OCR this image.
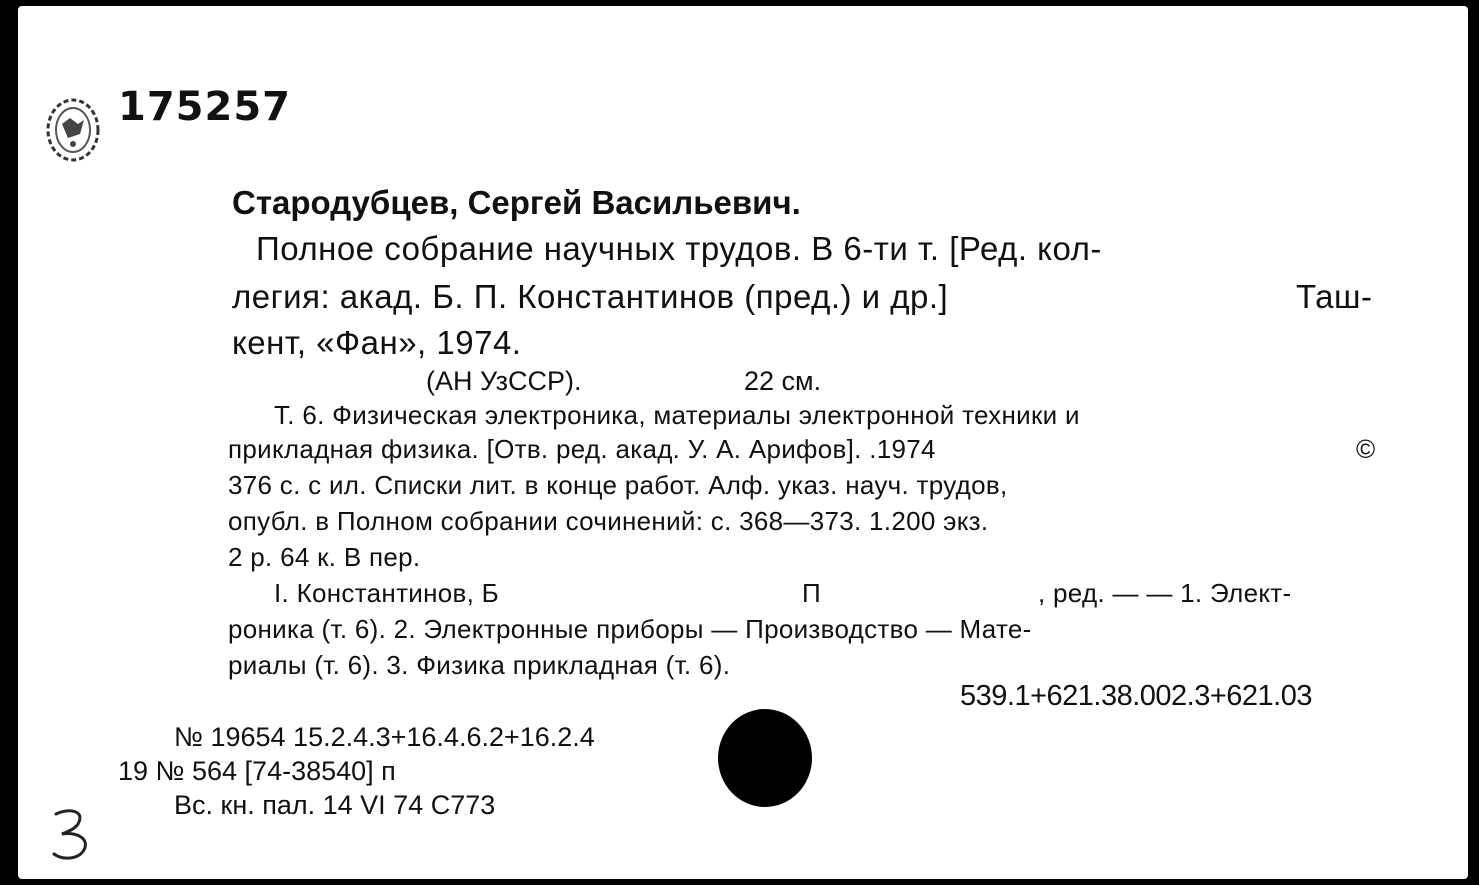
175257
Стародубцев, Сергей Васильевич.
Полное собрание научных трудов. В 6-ти т. [Ред. кол-
легия: акад. Б. П. Константинов (пред.) и др.]	Таш-
кент, «Фан», 1974.
(АН УзССР).	22 см.
Т. 6. Физическая электроника, материалы электронной техники и
прикладная физика. [Отв. ред. акад. У. А. Арифов]. .1974	©
376 с. с ил. Списки лит. в конце работ. Алф. указ. науч. трудов,
опубл. в Полном собрании сочинений: с. 368—373. 1.200 экз.
2 р. 64 к. В пер.
I. Константинов, Б	П	, ред. — — 1. Элект-
роника (т. 6). 2. Электронные приборы — Производство — Мате-
риалы (т. 6). 3. Физика прикладная (т. 6).
539.1+621.38.002.3+621.03
№ 19654 15.2.4.3+16.4.6.2+16.2.4
19 № 564 [74-38540] п
Вс. кн. пал. 14 VI 74 С773
